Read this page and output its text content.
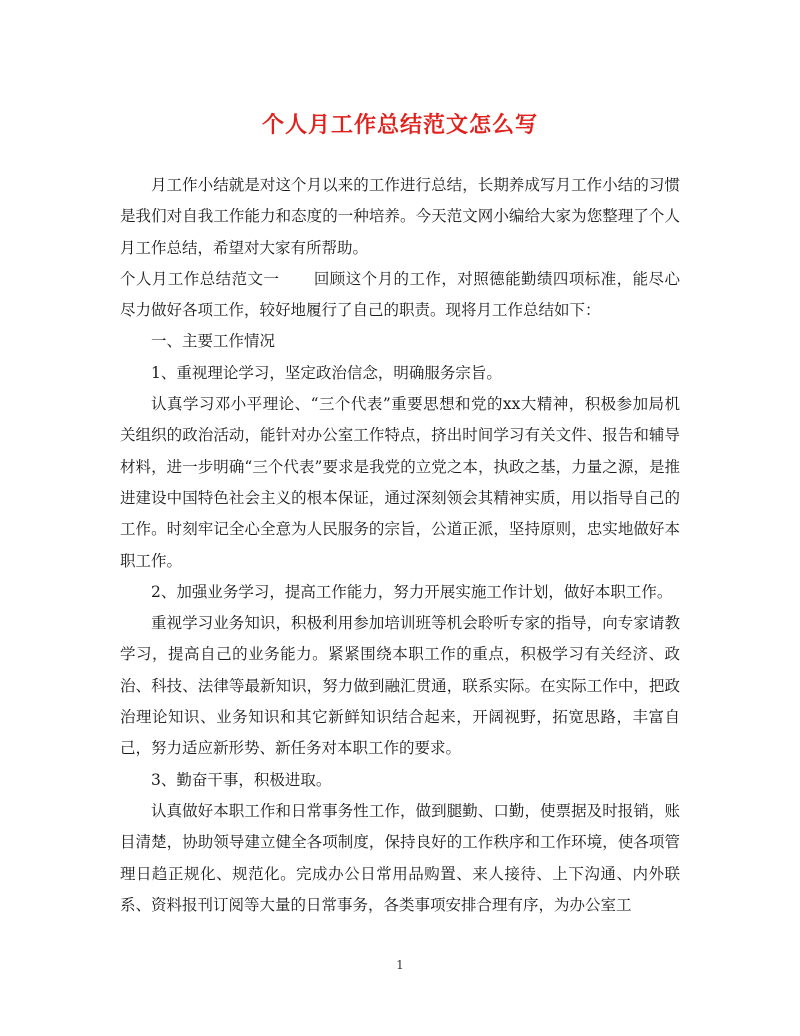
个人月工作总结范文怎么写

月工作小结就是对这个月以来的工作进行总结，长期养成写月工作小结的习惯是我们对自我工作能力和态度的一种培养。今天范文网小编给大家为您整理了个人月工作总结，希望对大家有所帮助。

个人月工作总结范文一 回顾这个月的工作，对照德能勤绩四项标准，能尽心尽力做好各项工作，较好地履行了自己的职责。现将月工作总结如下：

一、主要工作情况

1、重视理论学习，坚定政治信念，明确服务宗旨。

认真学习邓小平理论、“三个代表”重要思想和党的xx大精神，积极参加局机关组织的政治活动，能针对办公室工作特点，挤出时间学习有关文件、报告和辅导材料，进一步明确“三个代表”要求是我党的立党之本，执政之基，力量之源，是推进建设中国特色社会主义的根本保证，通过深刻领会其精神实质，用以指导自己的工作。时刻牢记全心全意为人民服务的宗旨，公道正派，坚持原则，忠实地做好本职工作。

2、加强业务学习，提高工作能力，努力开展实施工作计划，做好本职工作。

重视学习业务知识，积极利用参加培训班等机会聆听专家的指导，向专家请教学习，提高自己的业务能力。紧紧围绕本职工作的重点，积极学习有关经济、政治、科技、法律等最新知识，努力做到融汇贯通，联系实际。在实际工作中，把政治理论知识、业务知识和其它新鲜知识结合起来，开阔视野，拓宽思路，丰富自己，努力适应新形势、新任务对本职工作的要求。

3、勤奋干事，积极进取。

认真做好本职工作和日常事务性工作，做到腿勤、口勤，使票据及时报销，账目清楚，协助领导建立健全各项制度，保持良好的工作秩序和工作环境，使各项管理日趋正规化、规范化。完成办公日常用品购置、来人接待、上下沟通、内外联系、资料报刊订阅等大量的日常事务，各类事项安排合理有序，为办公室工

1
